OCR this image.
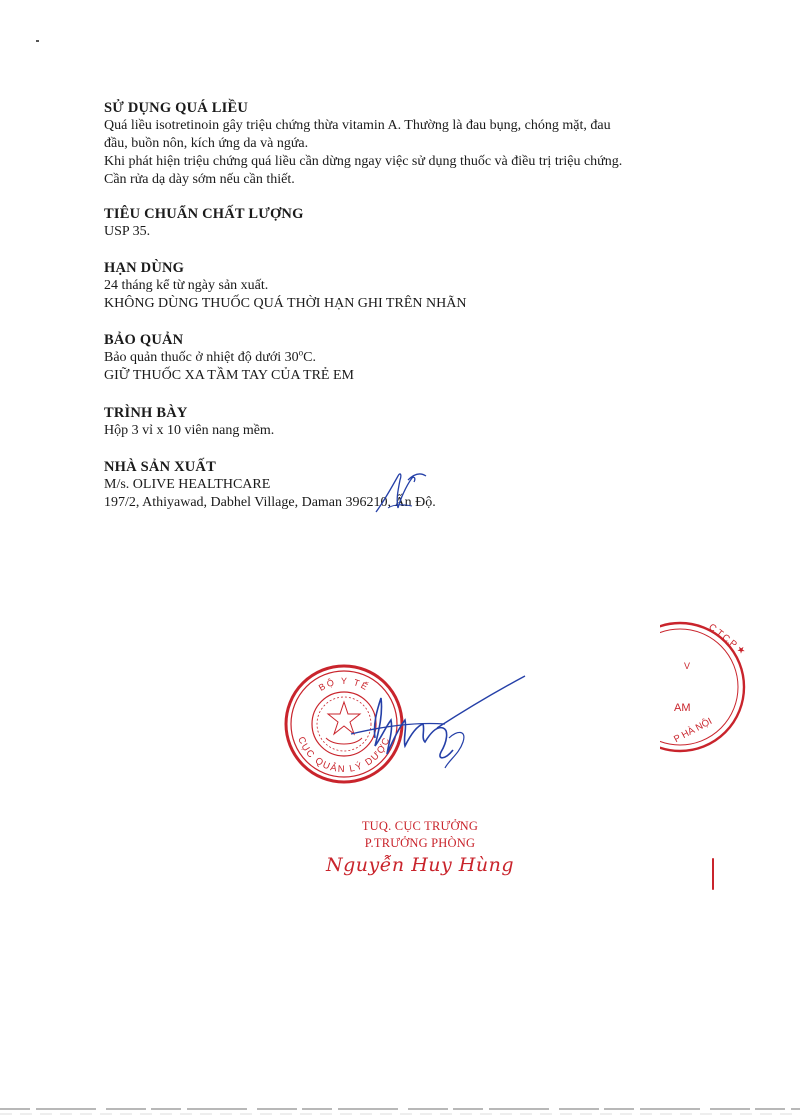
SỬ DỤNG QUÁ LIỀU

Quá liều isotretinoin gây triệu chứng thừa vitamin A. Thường là đau bụng, chóng mặt, đau

đầu, buồn nôn, kích ứng da và ngứa.

Khi phát hiện triệu chứng quá liều cần dừng ngay việc sử dụng thuốc và điều trị triệu chứng.

Cần rửa dạ dày sớm nếu cần thiết.

TIÊU CHUẨN CHẤT LƯỢNG

USP 35.

HẠN DÙNG

24 tháng kể từ ngày sản xuất.

KHÔNG DÙNG THUỐC QUÁ THỜI HẠN GHI TRÊN NHÃN

BẢO QUẢN

Bảo quản thuốc ở nhiệt độ dưới 30$^o$C.

GIỮ THUỐC XA TẦM TAY CỦA TRẺ EM

TRÌNH BÀY

Hộp 3 vỉ x 10 viên nang mềm.

NHÀ SẢN XUẤT

M/s. OLIVE HEALTHCARE

197/2, Athiyawad, Dabhel Village, Daman 396210, Ấn Độ.

BỘ Y TẾ
CỤC QUẢN LÝ DƯỢC
C.T.C.P ★
AM
P HÀ NỘI
V

TUQ. CỤC TRƯỞNG

P.TRƯỞNG PHÒNG

Nguyễn Huy Hùng
